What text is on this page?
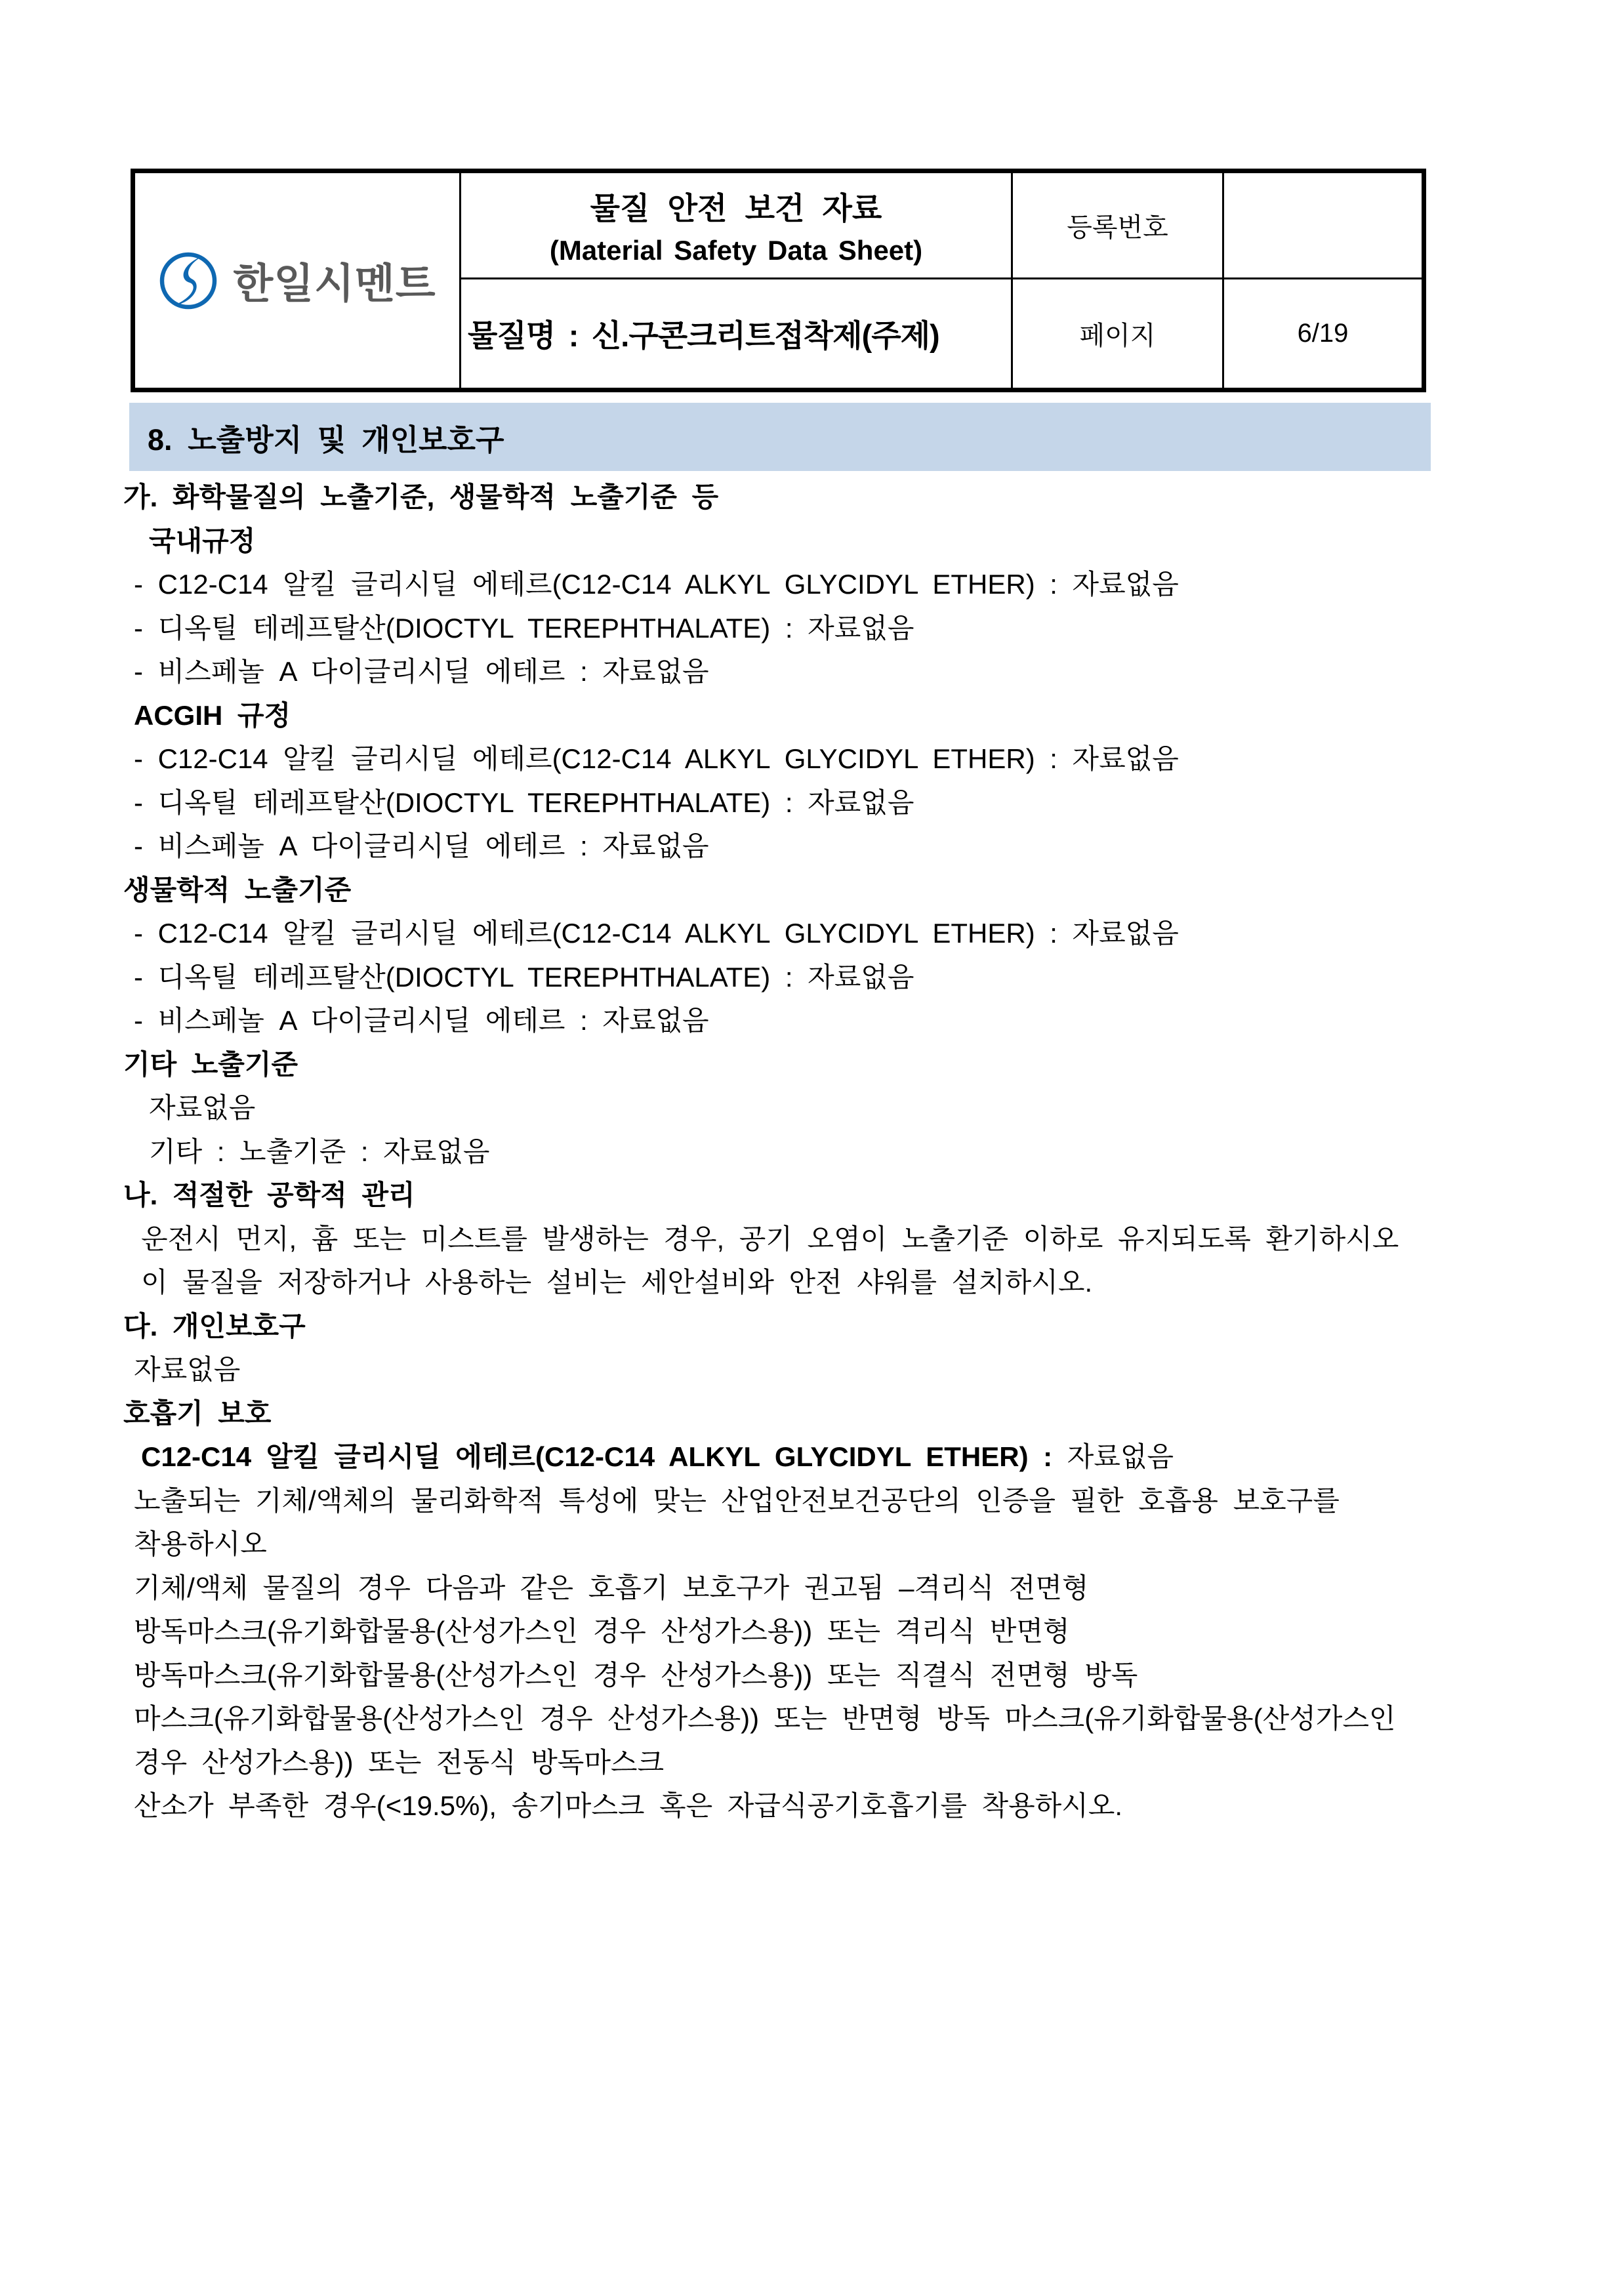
한일시멘트
물질 안전 보건 자료
(Material Safety Data Sheet)
등록번호
물질명 : 신.구콘크리트접착제(주제)	페이지	6/19
8. 노출방지 및 개인보호구
가. 화학물질의 노출기준, 생물학적 노출기준 등
국내규정
- C12-C14 알킬 글리시딜 에테르(C12-C14 ALKYL GLYCIDYL ETHER) : 자료없음
- 디옥틸 테레프탈산(DIOCTYL TEREPHTHALATE) : 자료없음
- 비스페놀 A 다이글리시딜 에테르 : 자료없음
ACGIH 규정
- C12-C14 알킬 글리시딜 에테르(C12-C14 ALKYL GLYCIDYL ETHER) : 자료없음
- 디옥틸 테레프탈산(DIOCTYL TEREPHTHALATE) : 자료없음
- 비스페놀 A 다이글리시딜 에테르 : 자료없음
생물학적 노출기준
- C12-C14 알킬 글리시딜 에테르(C12-C14 ALKYL GLYCIDYL ETHER) : 자료없음
- 디옥틸 테레프탈산(DIOCTYL TEREPHTHALATE) : 자료없음
- 비스페놀 A 다이글리시딜 에테르 : 자료없음
기타 노출기준
자료없음
기타 : 노출기준 : 자료없음
나. 적절한 공학적 관리
운전시 먼지, 흄 또는 미스트를 발생하는 경우, 공기 오염이 노출기준 이하로 유지되도록 환기하시오
이 물질을 저장하거나 사용하는 설비는 세안설비와 안전 샤워를 설치하시오.
다. 개인보호구
자료없음
호흡기 보호
C12-C14 알킬 글리시딜 에테르(C12-C14 ALKYL GLYCIDYL ETHER) : 자료없음
노출되는 기체/액체의 물리화학적 특성에 맞는 산업안전보건공단의 인증을 필한 호흡용 보호구를
착용하시오
기체/액체 물질의 경우 다음과 같은 호흡기 보호구가 권고됨 –격리식 전면형
방독마스크(유기화합물용(산성가스인 경우 산성가스용)) 또는 격리식 반면형
방독마스크(유기화합물용(산성가스인 경우 산성가스용)) 또는 직결식 전면형 방독
마스크(유기화합물용(산성가스인 경우 산성가스용)) 또는 반면형 방독 마스크(유기화합물용(산성가스인
경우 산성가스용)) 또는 전동식 방독마스크
산소가 부족한 경우(<19.5%), 송기마스크 혹은 자급식공기호흡기를 착용하시오.
